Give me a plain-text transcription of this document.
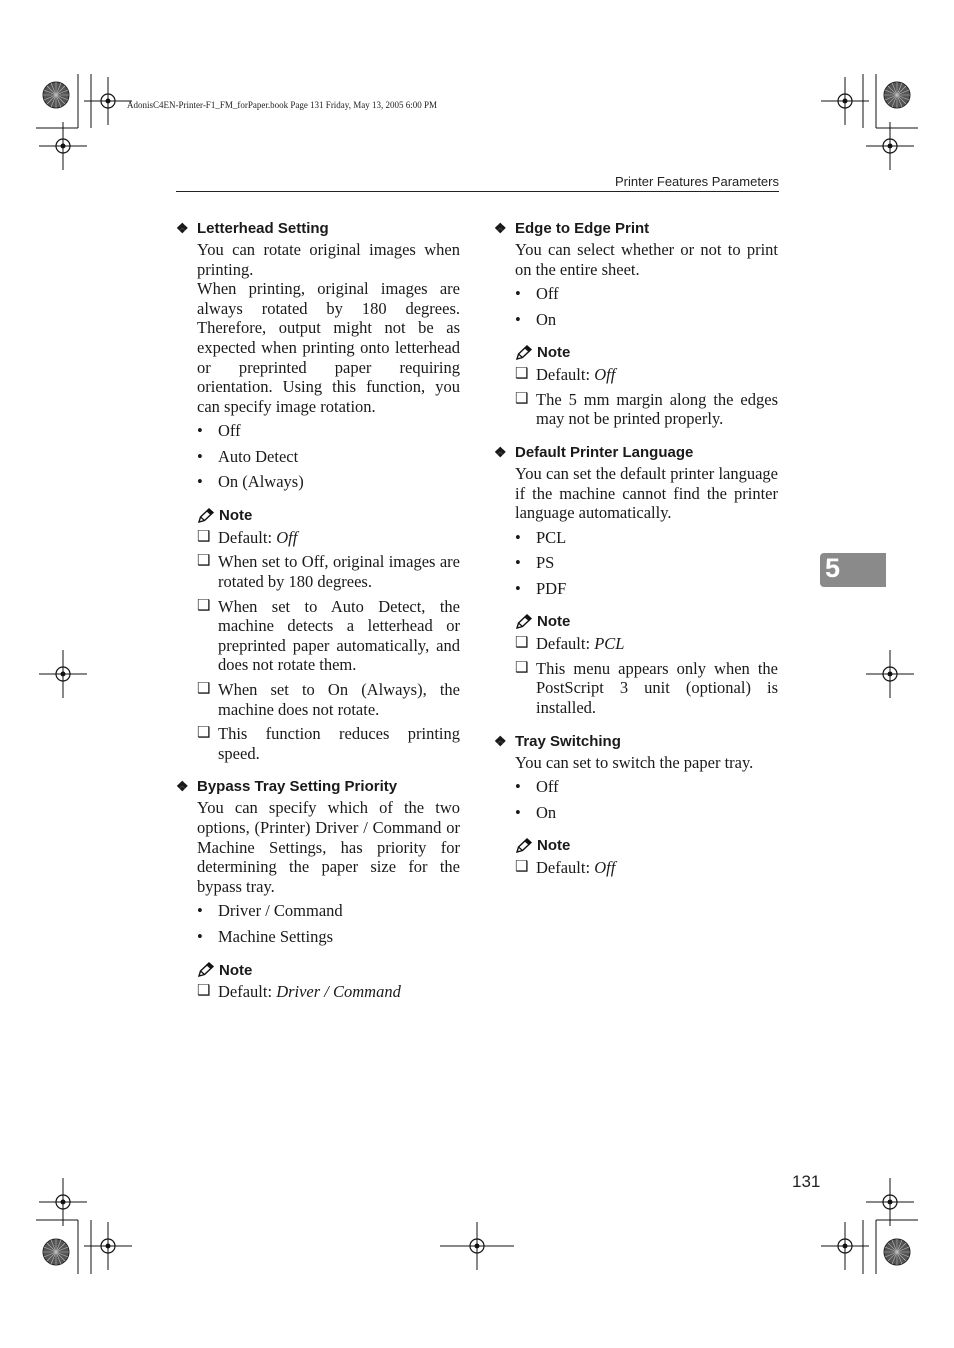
AdonisC4EN-Printer-F1_FM_forPaper.book Page 131 Friday, May 13, 2005 6:00 PM
Printer Features Parameters
❖ Letterhead Setting

You can rotate original images when printing.

When printing, original images are always rotated by 180 degrees. Therefore, output might not be as expected when printing onto letterhead or preprinted paper requiring orientation. Using this function, you can specify image rotation.

• Off
• Auto Detect
• On (Always)
Note
❑ Default: Off
❑ When set to Off, original images are rotated by 180 degrees.
❑ When set to Auto Detect, the machine detects a letterhead or preprinted paper automatically, and does not rotate them.
❑ When set to On (Always), the machine does not rotate.
❑ This function reduces printing speed.
❖ Bypass Tray Setting Priority

You can specify which of the two options, (Printer) Driver / Command or Machine Settings, has priority for determining the paper size for the bypass tray.

• Driver / Command
• Machine Settings
Note
❑ Default: Driver / Command
❖ Edge to Edge Print

You can select whether or not to print on the entire sheet.

• Off
• On
Note
❑ Default: Off
❑ The 5 mm margin along the edges may not be printed properly.
❖ Default Printer Language

You can set the default printer language if the machine cannot find the printer language automatically.

• PCL
• PS
• PDF
Note
❑ Default: PCL
❑ This menu appears only when the PostScript 3 unit (optional) is installed.
❖ Tray Switching

You can set to switch the paper tray.

• Off
• On
Note
❑ Default: Off
5
131
